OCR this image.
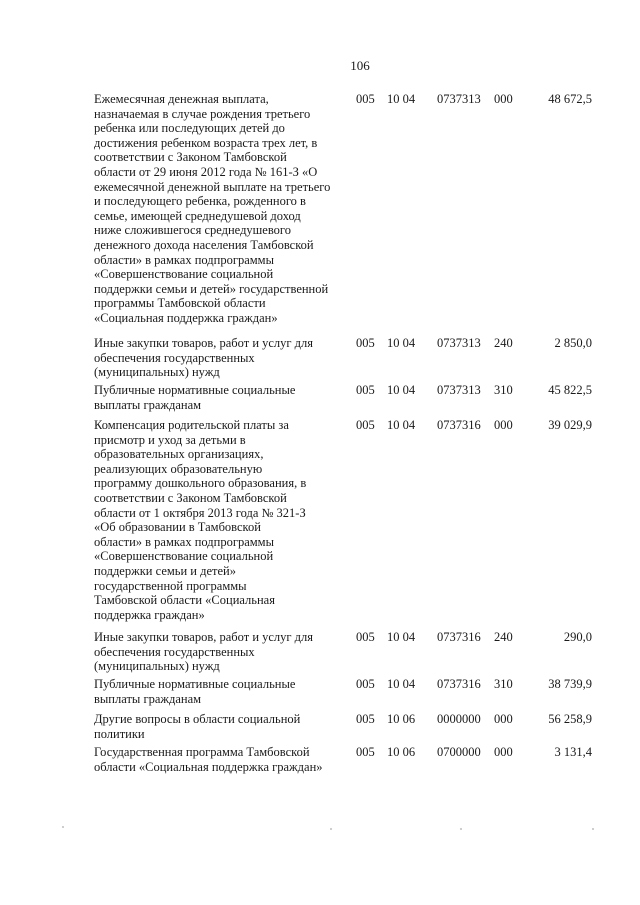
106
Ежемесячная денежная выплата,
назначаемая в случае рождения третьего
ребенка или последующих детей до
достижения ребенком возраста трех лет, в
соответствии с Законом Тамбовской
области от 29 июня 2012 года № 161-З «О
ежемесячной денежной выплате на третьего
и последующего ребенка, рожденного в
семье, имеющей среднедушевой доход
ниже сложившегося среднедушевого
денежного дохода населения Тамбовской
области» в рамках подпрограммы
«Совершенствование социальной
поддержки семьи и детей» государственной
программы Тамбовской области
«Социальная поддержка граждан»
005 10 04 0737313 000	48 672,5
Иные закупки товаров, работ и услуг для
обеспечения государственных
(муниципальных) нужд
005 10 04 0737313 240	2 850,0
Публичные нормативные социальные
выплаты гражданам
005 10 04 0737313 310	45 822,5
Компенсация родительской платы за
присмотр и уход за детьми в
образовательных организациях,
реализующих образовательную
программу дошкольного образования, в
соответствии с Законом Тамбовской
области от 1 октября 2013 года № 321-З
«Об образовании в Тамбовской
области» в рамках подпрограммы
«Совершенствование социальной
поддержки семьи и детей»
государственной программы
Тамбовской области «Социальная
поддержка граждан»
005 10 04 0737316 000	39 029,9
Иные закупки товаров, работ и услуг для
обеспечения государственных
(муниципальных) нужд
005 10 04 0737316 240	290,0
Публичные нормативные социальные
выплаты гражданам
005 10 04 0737316 310	38 739,9
Другие вопросы в области социальной
политики
005 10 06 0000000 000	56 258,9
Государственная программа Тамбовской
области «Социальная поддержка граждан»
005 10 06 0700000 000	3 131,4
